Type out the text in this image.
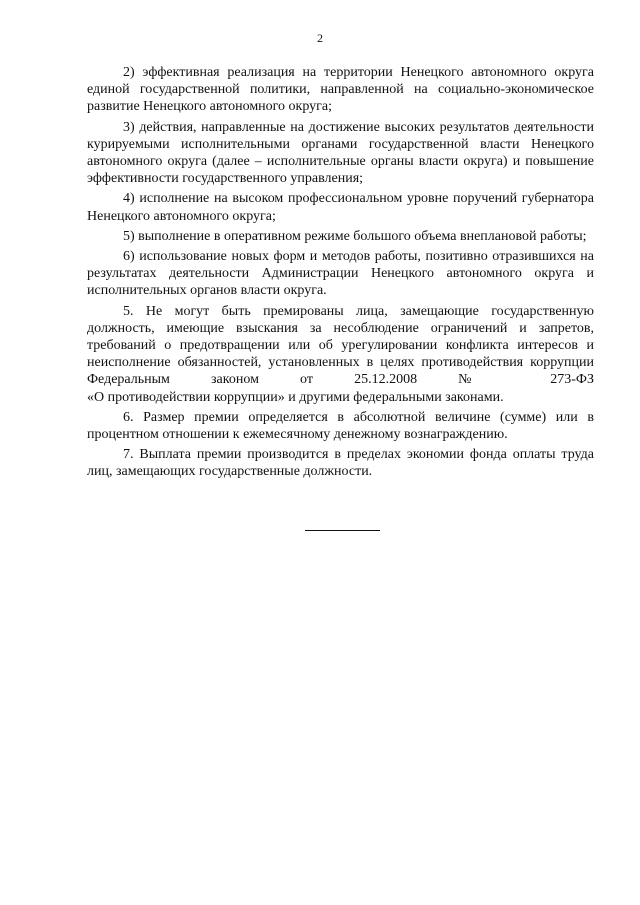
2

2) эффективная реализация на территории Ненецкого автономного округа единой государственной политики, направленной на социально-экономическое развитие Ненецкого автономного округа;

3) действия, направленные на достижение высоких результатов деятельности курируемыми исполнительными органами государственной власти Ненецкого автономного округа (далее – исполнительные органы власти округа) и повышение эффективности государственного управления;

4) исполнение на высоком профессиональном уровне поручений губернатора Ненецкого автономного округа;

5) выполнение в оперативном режиме большого объема внеплановой работы;

6) использование новых форм и методов работы, позитивно отразившихся на результатах деятельности Администрации Ненецкого автономного округа и исполнительных органов власти округа.

5. Не могут быть премированы лица, замещающие государственную должность, имеющие взыскания за несоблюдение ограничений и запретов, требований о предотвращении или об урегулировании конфликта интересов и неисполнение обязанностей, установленных в целях противодействия коррупции Федеральным законом от 25.12.2008 № 273-ФЗ

«О противодействии коррупции» и другими федеральными законами.

6. Размер премии определяется в абсолютной величине (сумме) или в процентном отношении к ежемесячному денежному вознаграждению.

7. Выплата премии производится в пределах экономии фонда оплаты труда лиц, замещающих государственные должности.
